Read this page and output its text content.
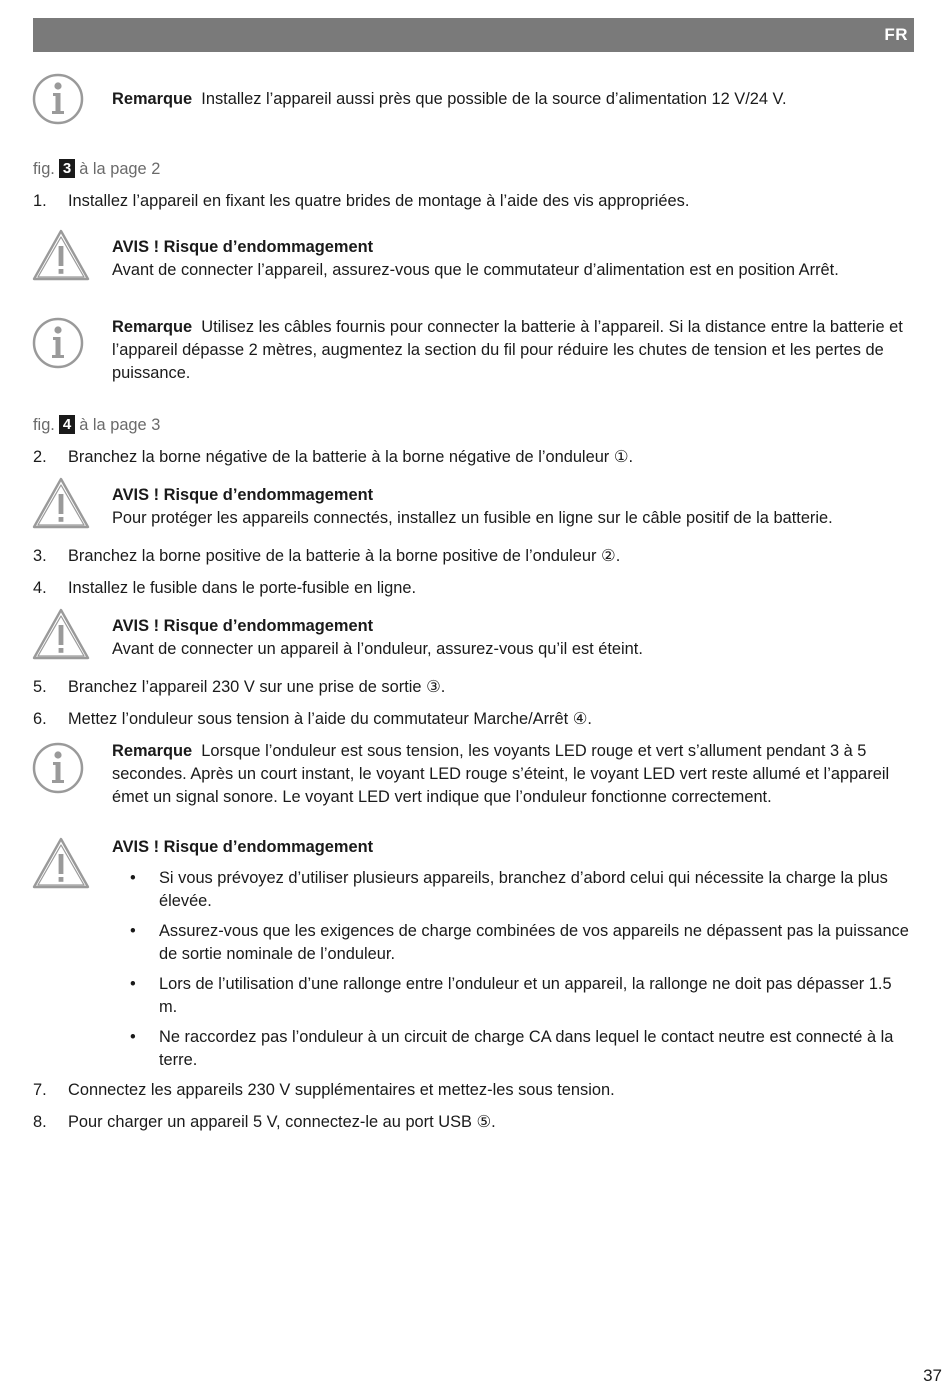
FR
Remarque Installez l’appareil aussi près que possible de la source d’alimentation 12 V/24 V.
fig. 3 à la page 2
1. Installez l’appareil en fixant les quatre brides de montage à l’aide des vis appropriées.
AVIS ! Risque d’endommagement
Avant de connecter l’appareil, assurez-vous que le commutateur d’alimentation est en position Arrêt.
Remarque Utilisez les câbles fournis pour connecter la batterie à l’appareil. Si la distance entre la batterie et l’appareil dépasse 2 mètres, augmentez la section du fil pour réduire les chutes de tension et les pertes de puissance.
fig. 4 à la page 3
2. Branchez la borne négative de la batterie à la borne négative de l’onduleur ①.
AVIS ! Risque d’endommagement
Pour protéger les appareils connectés, installez un fusible en ligne sur le câble positif de la batterie.
3. Branchez la borne positive de la batterie à la borne positive de l’onduleur ②.
4. Installez le fusible dans le porte-fusible en ligne.
AVIS ! Risque d’endommagement
Avant de connecter un appareil à l’onduleur, assurez-vous qu’il est éteint.
5. Branchez l’appareil 230 V sur une prise de sortie ③.
6. Mettez l’onduleur sous tension à l’aide du commutateur Marche/Arrêt ④.
Remarque Lorsque l’onduleur est sous tension, les voyants LED rouge et vert s’allument pendant 3 à 5 secondes. Après un court instant, le voyant LED rouge s’éteint, le voyant LED vert reste allumé et l’appareil émet un signal sonore. Le voyant LED vert indique que l’onduleur fonctionne correctement.
AVIS ! Risque d’endommagement
• Si vous prévoyez d’utiliser plusieurs appareils, branchez d’abord celui qui nécessite la charge la plus élevée.
• Assurez-vous que les exigences de charge combinées de vos appareils ne dépassent pas la puissance de sortie nominale de l’onduleur.
• Lors de l’utilisation d’une rallonge entre l’onduleur et un appareil, la rallonge ne doit pas dépasser 1.5 m.
• Ne raccordez pas l’onduleur à un circuit de charge CA dans lequel le contact neutre est connecté à la terre.
7. Connectez les appareils 230 V supplémentaires et mettez-les sous tension.
8. Pour charger un appareil 5 V, connectez-le au port USB ⑤.
37
